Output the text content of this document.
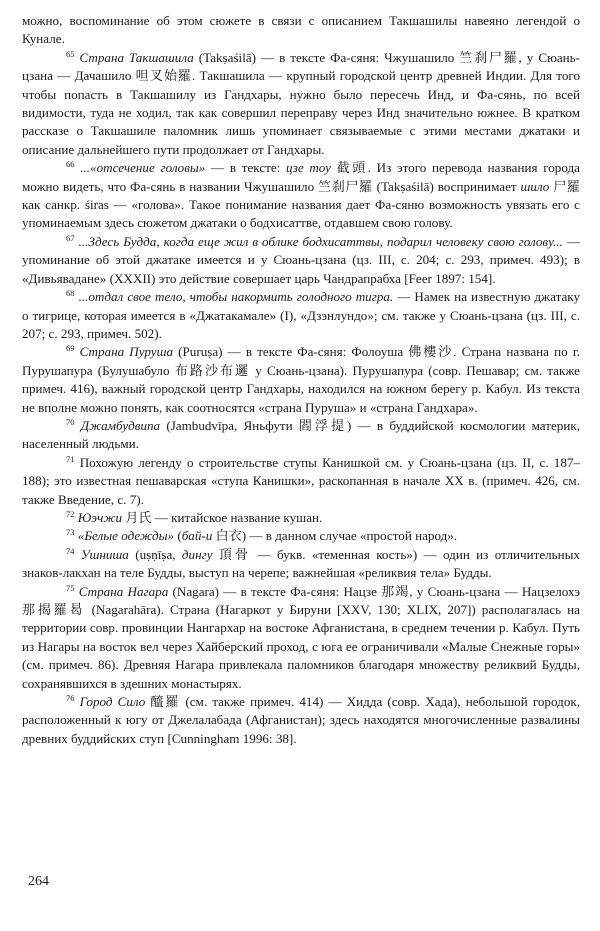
можно, воспоминание об этом сюжете в связи с описанием Такшашилы навеяно легендой о Кунале.

$^{65}$ Страна Такшашила (Takṣaśilā) — в тексте Фа-сяня: Чжушашило 竺刹尸羅, у Сюань-цзана — Дачашило 呾叉始羅. Такшашила — крупный городской центр древней Индии. Для того чтобы попасть в Такшашилу из Гандхары, нужно было пересечь Инд, и Фа-сянь, по всей видимости, туда не ходил, так как совершил переправу через Инд значительно южнее. В кратком рассказе о Такшашиле паломник лишь упоминает связываемые с этими местами джатаки и описание дальнейшего пути продолжает от Гандхары.

$^{66}$ ...«отсечение головы» — в тексте: цзе тоу 截頭. Из этого перевода названия города можно видеть, что Фа-сянь в названии Чжушашило 竺刹尸羅 (Takṣaśilā) воспринимает шило 尸羅 как санкр. śiras — «голова». Такое понимание названия дает Фа-сяню возможность увязать его с упоминаемым здесь сюжетом джатаки о бодхисаттве, отдавшем свою голову.

$^{67}$ ...Здесь Будда, когда еще жил в облике бодхисаттвы, подарил человеку свою голову... — упоминание об этой джатаке имеется и у Сюань-цзана (цз. III, с. 204; с. 293, примеч. 493); в «Дивьявадане» (XXXII) это действие совершает царь Чандрапрабха [Feer 1897: 154].

$^{68}$ ...отдал свое тело, чтобы накормить голодного тигра. — Намек на известную джатаку о тигрице, которая имеется в «Джатакамале» (I), «Дзэнлундо»; см. также у Сюань-цзана (цз. III, с. 207; с. 293, примеч. 502).

$^{69}$ Страна Пуруша (Puruṣa) — в тексте Фа-сяня: Фолоуша 佛樓沙. Страна названа по г. Пурушапура (Булушабуло 布路沙布邏 у Сюань-цзана). Пурушапура (совр. Пешавар; см. также примеч. 416), важный городской центр Гандхары, находился на южном берегу р. Кабул. Из текста не вполне можно понять, как соотносятся «страна Пуруша» и «страна Гандхара».

$^{70}$ Джамбудвипа (Jambudvīpa, Яньфути 閻浮提) — в буддийской космологии материк, населенный людьми.

$^{71}$ Похожую легенду о строительстве ступы Канишкой см. у Сюань-цзана (цз. II, с. 187–188); это известная пешаварская «ступа Канишки», раскопанная в начале XX в. (примеч. 426, см. также Введение, с. 7).

$^{72}$ Юэчжи 月氏 — китайское название кушан.

$^{73}$ «Белые одежды» (бай-и 白衣) — в данном случае «простой народ».

$^{74}$ Ушниша (uṣṇīṣa, дингу 頂骨 — букв. «теменная кость») — один из отличительных знаков-лакхан на теле Будды, выступ на черепе; важнейшая «реликвия тела» Будды.

$^{75}$ Страна Нагара (Nagara) — в тексте Фа-сяня: Нацзе 那竭, у Сюань-цзана — Нацзелохэ 那揭羅曷 (Nagarahāra). Страна (Нагаркот у Бируни [XXV, 130; XLIX, 207]) располагалась на территории совр. провинции Нангархар на востоке Афганистана, в среднем течении р. Кабул. Путь из Нагары на восток вел через Хайберский проход, с юга ее ограничивали «Малые Снежные горы» (см. примеч. 86). Древняя Нагара привлекала паломников благодаря множеству реликвий Будды, сохранявшихся в здешних монастырях.

$^{76}$ Город Сило 醯羅 (см. также примеч. 414) — Хидда (совр. Хада), небольшой городок, расположенный к югу от Джелалабада (Афганистан); здесь находятся многочисленные развалины древних буддийских ступ [Cunningham 1996: 38].

264
